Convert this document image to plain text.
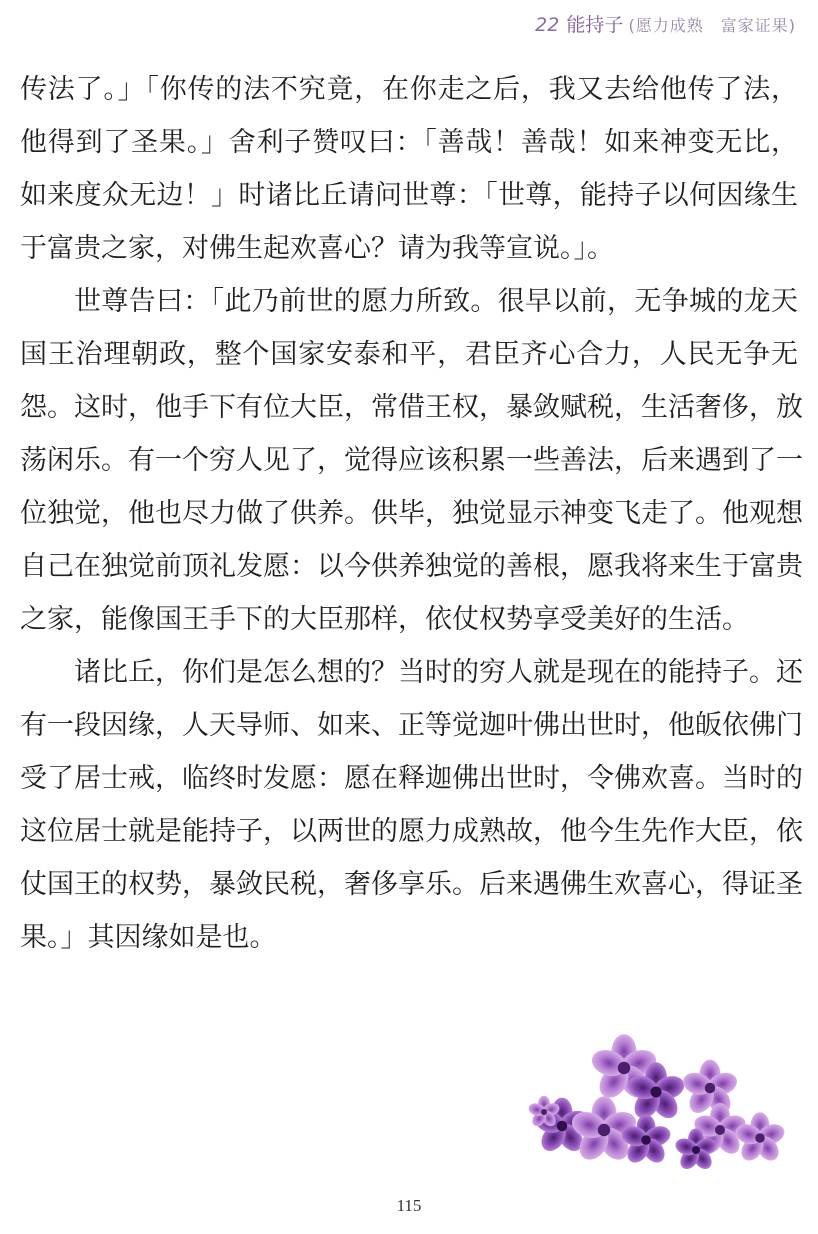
22 能持子 (愿力成熟　富家证果)
传法了。」「你传的法不究竟，在你走之后，我又去给他传了法，
他得到了圣果。」舍利子赞叹曰：「善哉！善哉！如来神变无比，
如来度众无边！」时诸比丘请问世尊：「世尊，能持子以何因缘生
于富贵之家，对佛生起欢喜心？请为我等宣说。」。
世尊告曰：「此乃前世的愿力所致。很早以前，无争城的龙天
国王治理朝政，整个国家安泰和平，君臣齐心合力，人民无争无
怨。这时，他手下有位大臣，常借王权，暴敛赋税，生活奢侈，放
荡闲乐。有一个穷人见了，觉得应该积累一些善法，后来遇到了一
位独觉，他也尽力做了供养。供毕，独觉显示神变飞走了。他观想
自己在独觉前顶礼发愿：以今供养独觉的善根，愿我将来生于富贵
之家，能像国王手下的大臣那样，依仗权势享受美好的生活。
诸比丘，你们是怎么想的？当时的穷人就是现在的能持子。还
有一段因缘，人天导师、如来、正等觉迦叶佛出世时，他皈依佛门
受了居士戒，临终时发愿：愿在释迦佛出世时，令佛欢喜。当时的
这位居士就是能持子，以两世的愿力成熟故，他今生先作大臣，依
仗国王的权势，暴敛民税，奢侈享乐。后来遇佛生欢喜心，得证圣
果。」其因缘如是也。
115
